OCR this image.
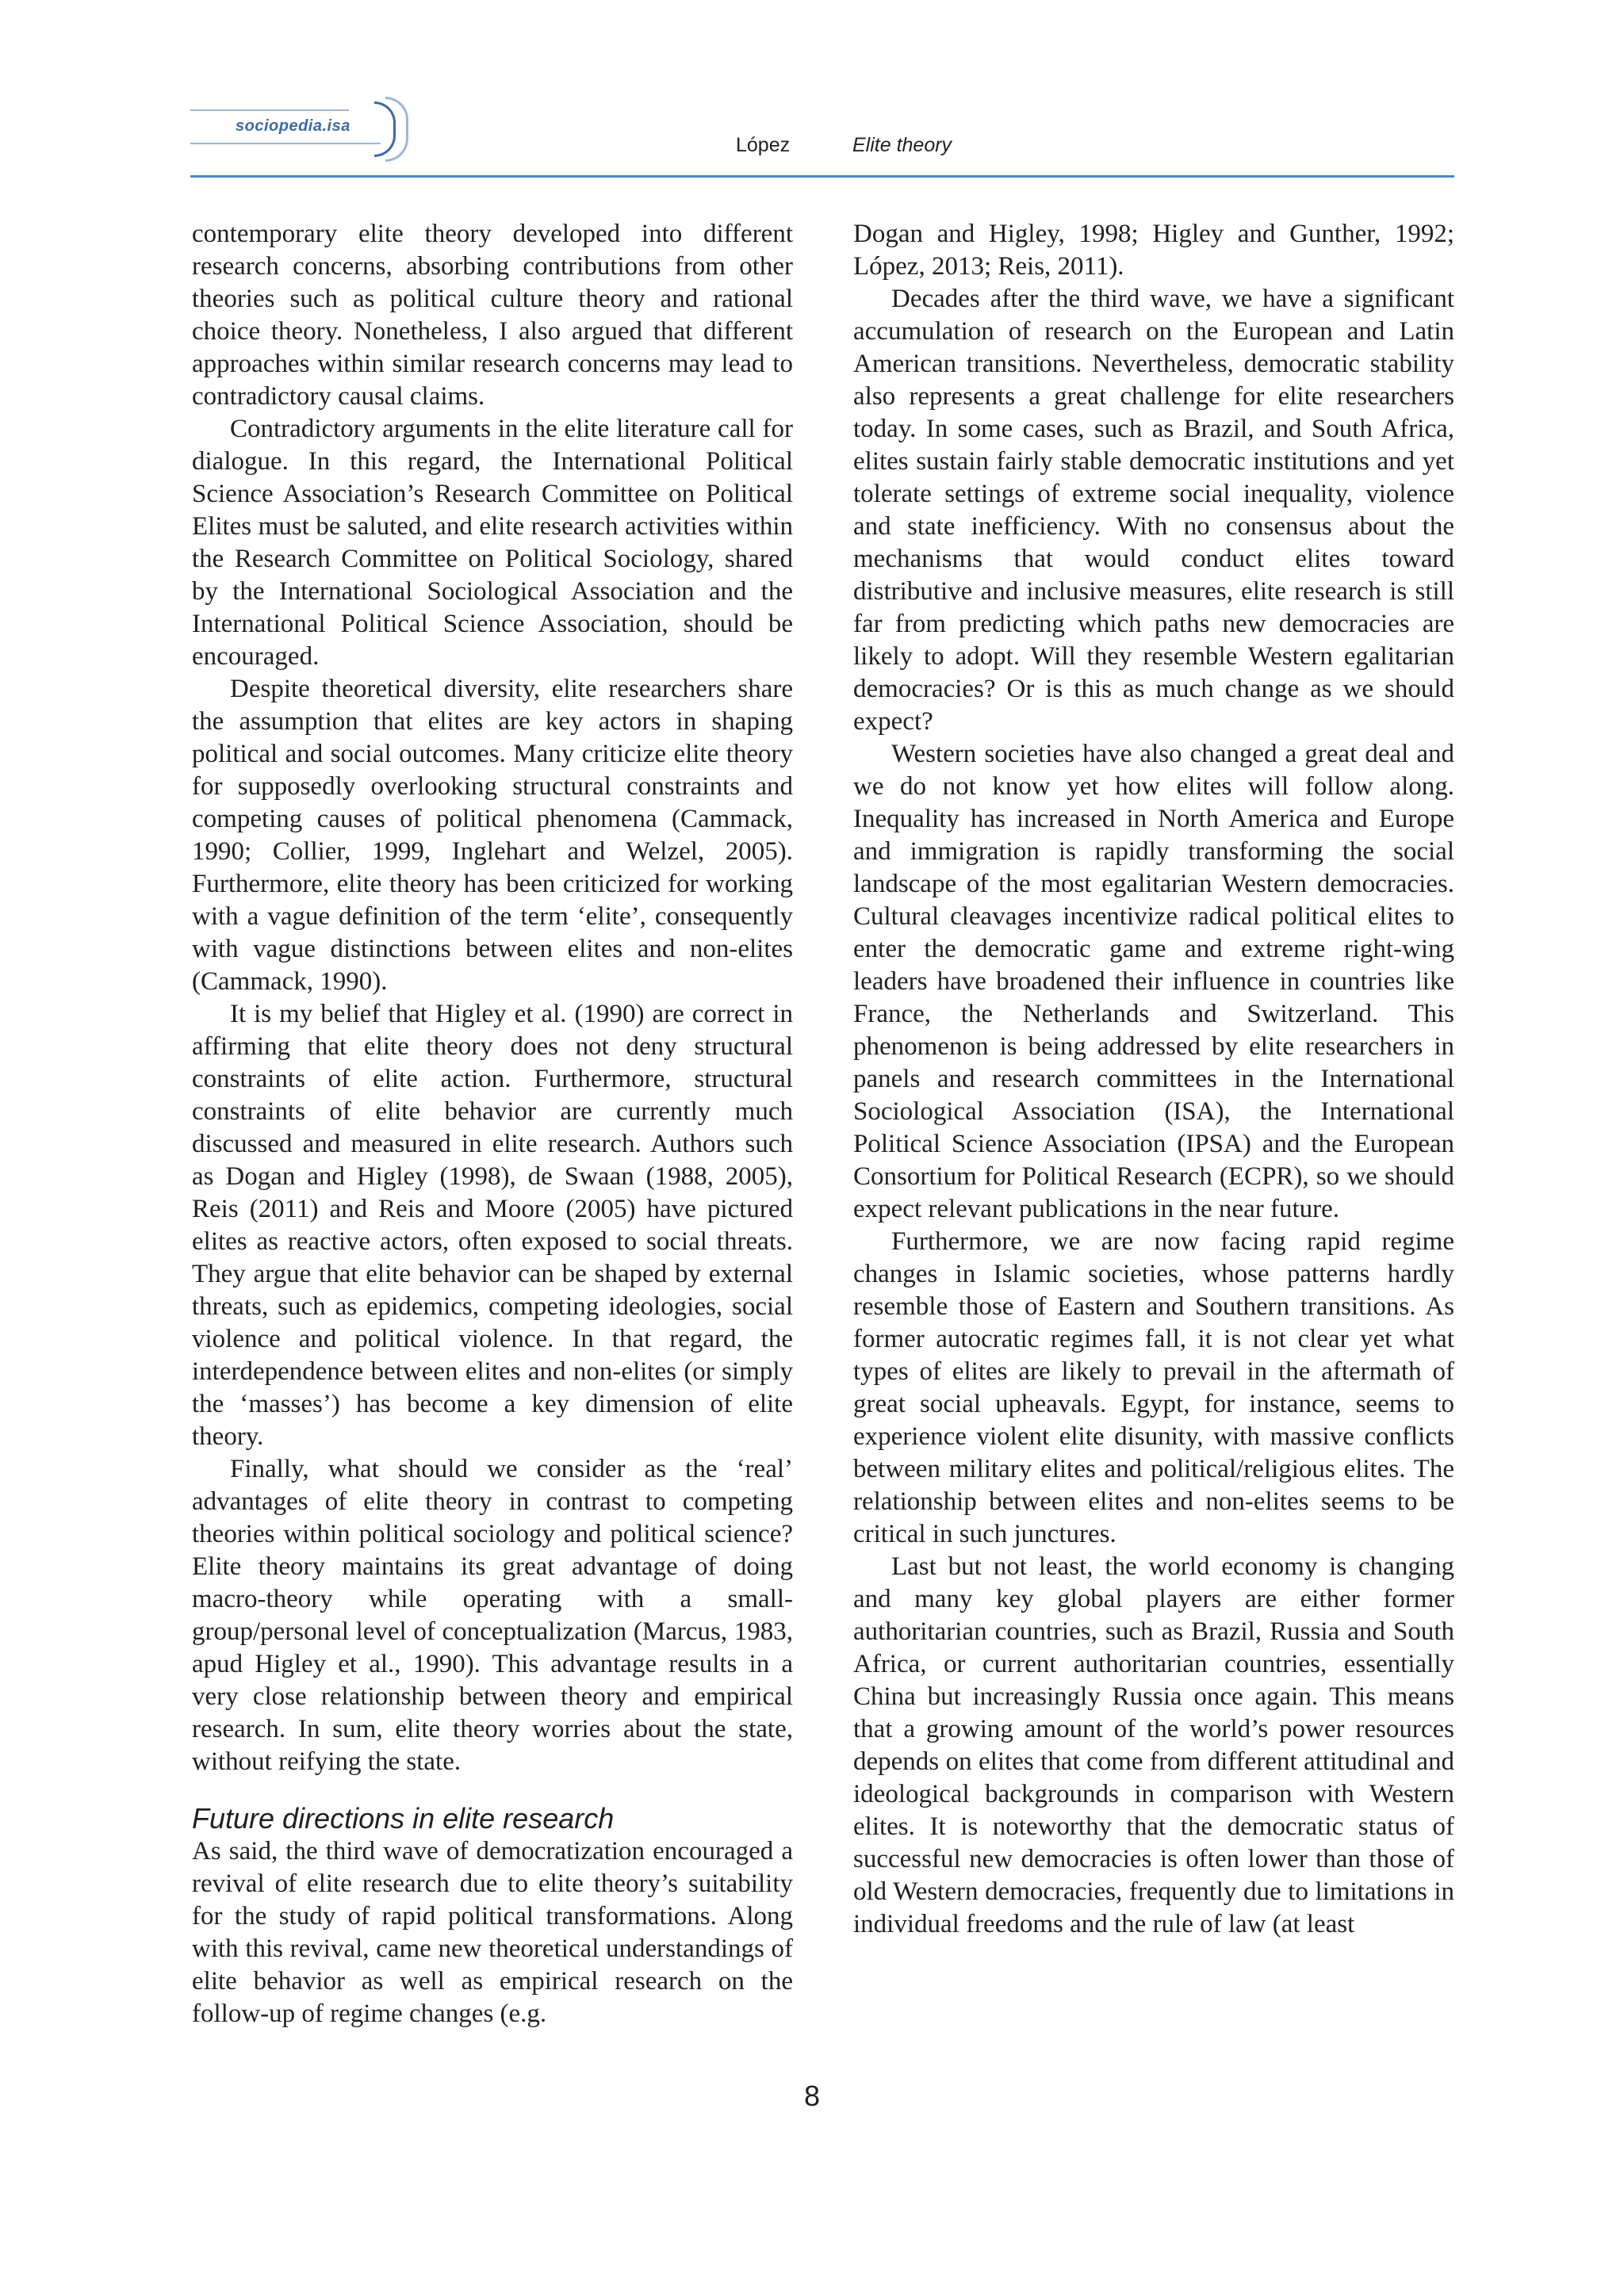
sociopedia.isa

López	Elite theory

contemporary elite theory developed into different research concerns, absorbing contributions from other theories such as political culture theory and rational choice theory. Nonetheless, I also argued that different approaches within similar research concerns may lead to contradictory causal claims.

Contradictory arguments in the elite literature call for dialogue. In this regard, the International Political Science Association’s Research Committee on Political Elites must be saluted, and elite research activities within the Research Committee on Political Sociology, shared by the International Sociological Association and the International Political Science Association, should be encouraged.

Despite theoretical diversity, elite researchers share the assumption that elites are key actors in shaping political and social outcomes. Many criticize elite theory for supposedly overlooking structural constraints and competing causes of political phenomena (Cammack, 1990; Collier, 1999, Inglehart and Welzel, 2005). Furthermore, elite theory has been criticized for working with a vague definition of the term ‘elite’, consequently with vague distinctions between elites and non-elites (Cammack, 1990).

It is my belief that Higley et al. (1990) are correct in affirming that elite theory does not deny structural constraints of elite action. Furthermore, structural constraints of elite behavior are currently much discussed and measured in elite research. Authors such as Dogan and Higley (1998), de Swaan (1988, 2005), Reis (2011) and Reis and Moore (2005) have pictured elites as reactive actors, often exposed to social threats. They argue that elite behavior can be shaped by external threats, such as epidemics, competing ideologies, social violence and political violence. In that regard, the interdependence between elites and non-elites (or simply the ‘masses’) has become a key dimension of elite theory.

Finally, what should we consider as the ‘real’ advantages of elite theory in contrast to competing theories within political sociology and political science? Elite theory maintains its great advantage of doing macro-theory while operating with a small-group/personal level of conceptualization (Marcus, 1983, apud Higley et al., 1990). This advantage results in a very close relationship between theory and empirical research. In sum, elite theory worries about the state, without reifying the state.

Future directions in elite research

As said, the third wave of democratization encouraged a revival of elite research due to elite theory’s suitability for the study of rapid political transformations. Along with this revival, came new theoretical understandings of elite behavior as well as empirical research on the follow-up of regime changes (e.g.

Dogan and Higley, 1998; Higley and Gunther, 1992; López, 2013; Reis, 2011).

Decades after the third wave, we have a significant accumulation of research on the European and Latin American transitions. Nevertheless, democratic stability also represents a great challenge for elite researchers today. In some cases, such as Brazil, and South Africa, elites sustain fairly stable democratic institutions and yet tolerate settings of extreme social inequality, violence and state inefficiency. With no consensus about the mechanisms that would conduct elites toward distributive and inclusive measures, elite research is still far from predicting which paths new democracies are likely to adopt. Will they resemble Western egalitarian democracies? Or is this as much change as we should expect?

Western societies have also changed a great deal and we do not know yet how elites will follow along. Inequality has increased in North America and Europe and immigration is rapidly transforming the social landscape of the most egalitarian Western democracies. Cultural cleavages incentivize radical political elites to enter the democratic game and extreme right-wing leaders have broadened their influence in countries like France, the Netherlands and Switzerland. This phenomenon is being addressed by elite researchers in panels and research committees in the International Sociological Association (ISA), the International Political Science Association (IPSA) and the European Consortium for Political Research (ECPR), so we should expect relevant publications in the near future.

Furthermore, we are now facing rapid regime changes in Islamic societies, whose patterns hardly resemble those of Eastern and Southern transitions. As former autocratic regimes fall, it is not clear yet what types of elites are likely to prevail in the aftermath of great social upheavals. Egypt, for instance, seems to experience violent elite disunity, with massive conflicts between military elites and political/religious elites. The relationship between elites and non-elites seems to be critical in such junctures.

Last but not least, the world economy is changing and many key global players are either former authoritarian countries, such as Brazil, Russia and South Africa, or current authoritarian countries, essentially China but increasingly Russia once again. This means that a growing amount of the world’s power resources depends on elites that come from different attitudinal and ideological backgrounds in comparison with Western elites. It is noteworthy that the democratic status of successful new democracies is often lower than those of old Western democracies, frequently due to limitations in individual freedoms and the rule of law (at least

8
